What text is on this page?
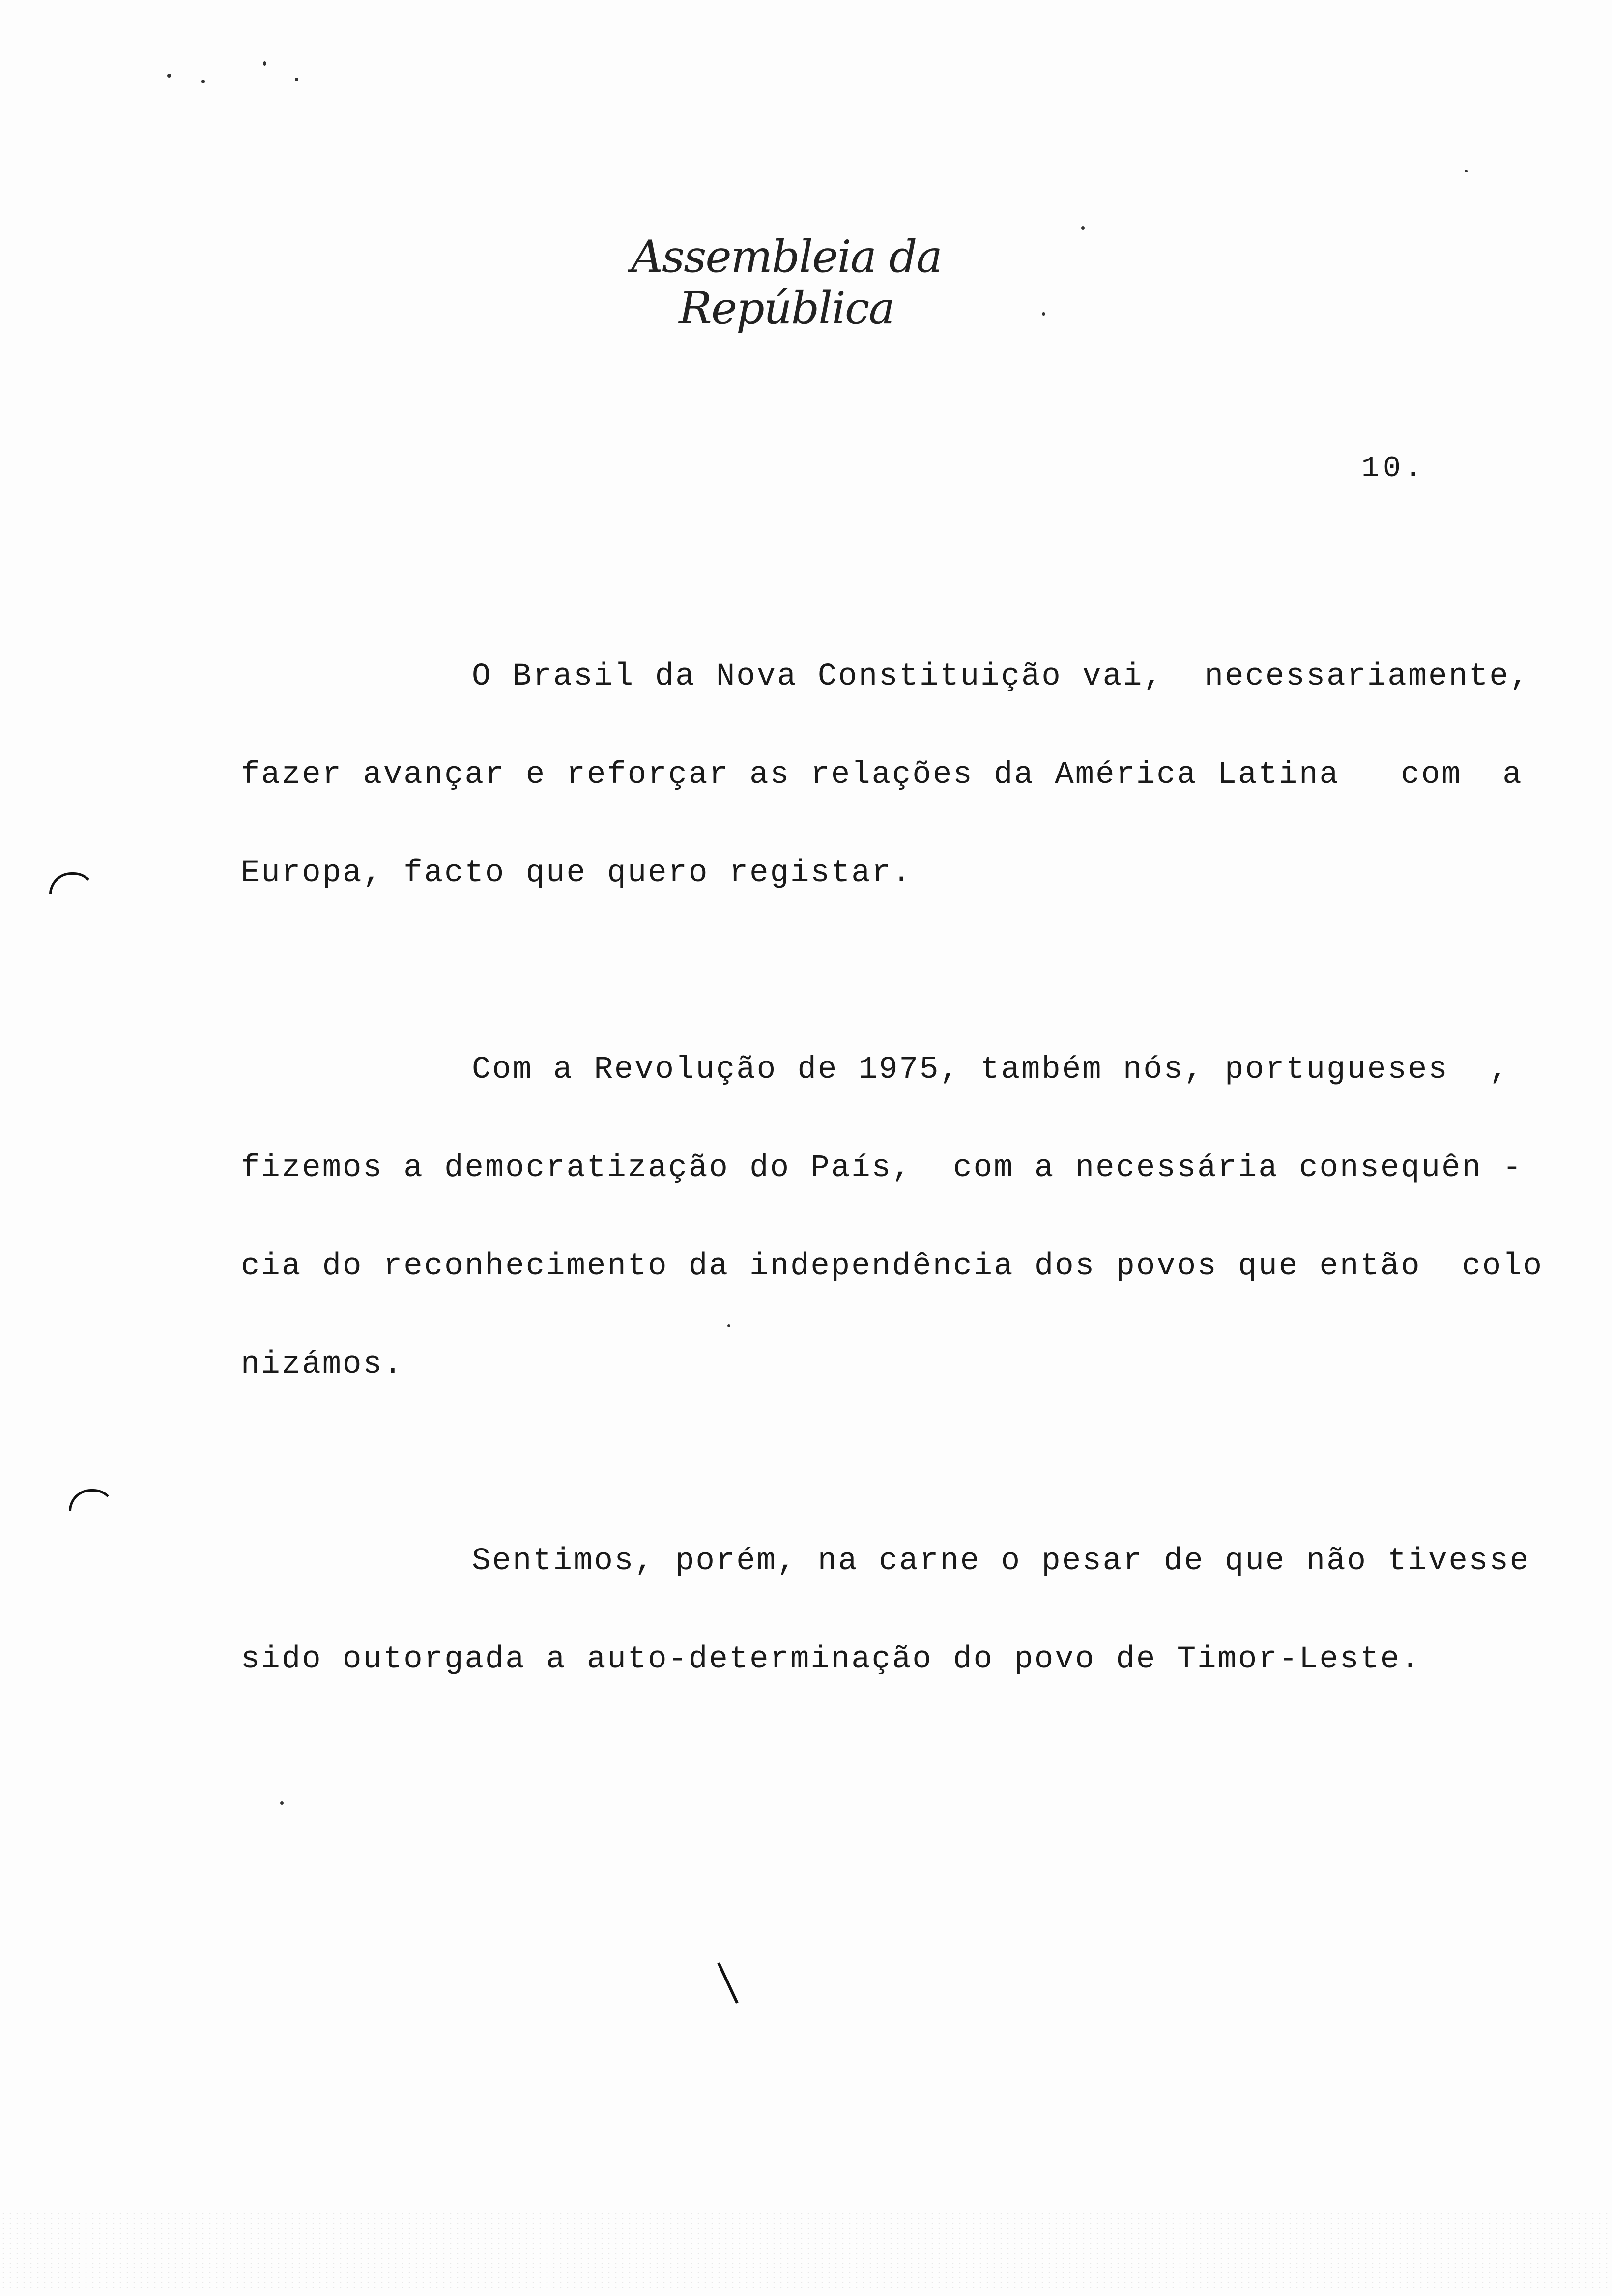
Assembleia da República
10.
O Brasil da Nova Constituição vai,  necessariamente,
fazer avançar e reforçar as relações da América Latina   com  a
Europa, facto que quero registar.
Com a Revolução de 1975, também nós, portugueses  ,
fizemos a democratização do País,  com a necessária consequên -
cia do reconhecimento da independência dos povos que então  colo
nizámos.
Sentimos, porém, na carne o pesar de que não tivesse
sido outorgada a auto-determinação do povo de Timor-Leste.
